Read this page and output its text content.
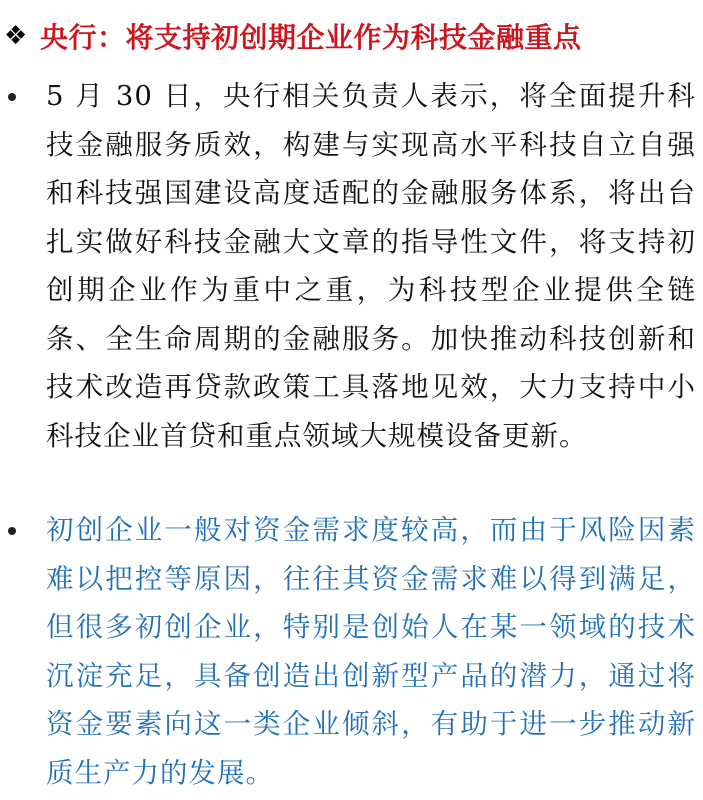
❖ 央行：将支持初创期企业作为科技金融重点
5 月 30 日，央行相关负责人表示，将全面提升科技金融服务质效，构建与实现高水平科技自立自强和科技强国建设高度适配的金融服务体系，将出台扎实做好科技金融大文章的指导性文件，将支持初创期企业作为重中之重，为科技型企业提供全链条、全生命周期的金融服务。加快推动科技创新和技术改造再贷款政策工具落地见效，大力支持中小科技企业首贷和重点领域大规模设备更新。
初创企业一般对资金需求度较高，而由于风险因素难以把控等原因，往往其资金需求难以得到满足，但很多初创企业，特别是创始人在某一领域的技术沉淀充足，具备创造出创新型产品的潜力，通过将资金要素向这一类企业倾斜，有助于进一步推动新质生产力的发展。
